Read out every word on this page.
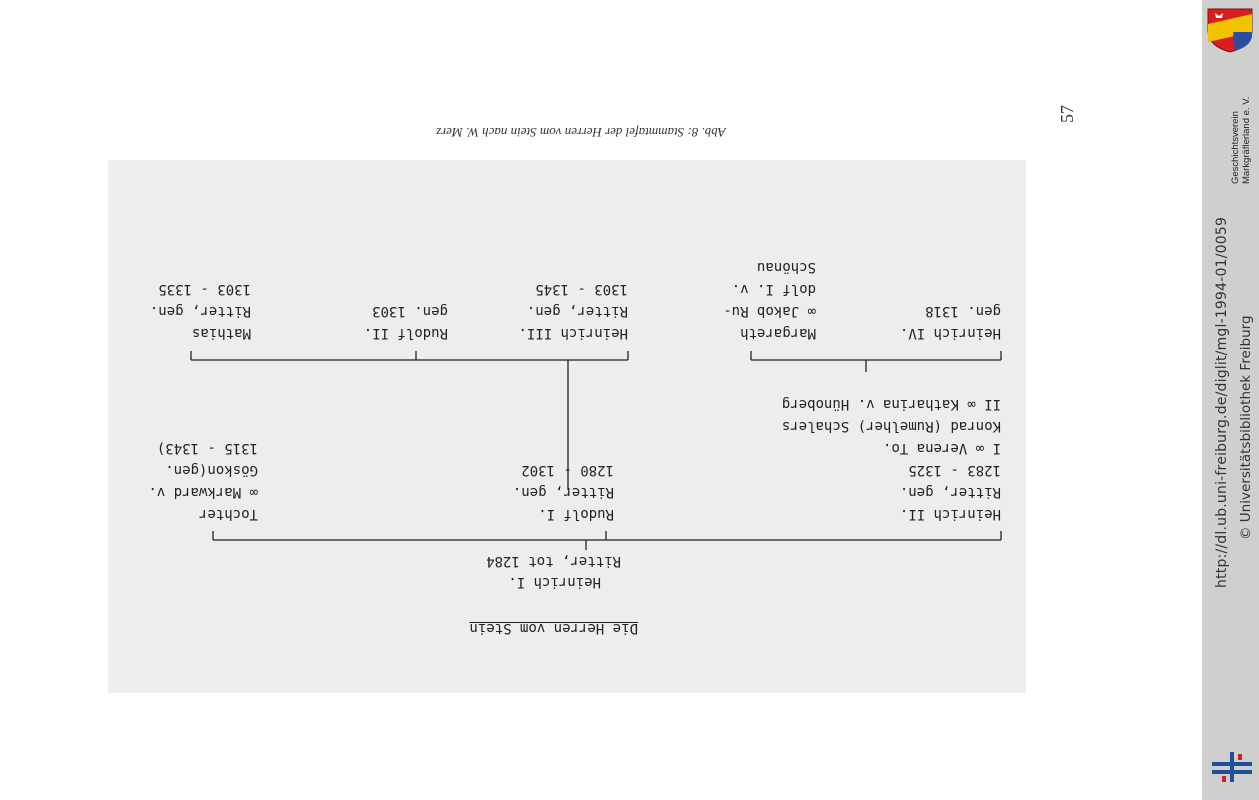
Abb. 8: Stammtafel der Herren vom Stein nach W. Merz
57
Die Herren vom Stein
Heinrich I.
Ritter, tot 1284
Heinrich II.
Ritter, gen.
1283 - 1325
I ∞ Verena To.
Konrad (Rumelher) Schalers
II ∞ Katharina v. Hünoberg
Rudolf I.
Ritter, gen.
1280 - 1302
Tochter
∞ Markward v.
Göskon(gen.
1315 - 1343)
Heinrich IV.
gen. 1318
Margareth
∞ Jakob Ru-
dolf I. v.
Schönau
Heinrich III.
Ritter, gen.
1303 - 1345
Rudolf II.
gen. 1303
Mathias
Ritter, gen.
1303 - 1335
Geschichtsverein Markgräflerland e. V.
http://dl.ub.uni-freiburg.de/diglit/mgl-1994-01/0059 © Universitätsbibliothek Freiburg
